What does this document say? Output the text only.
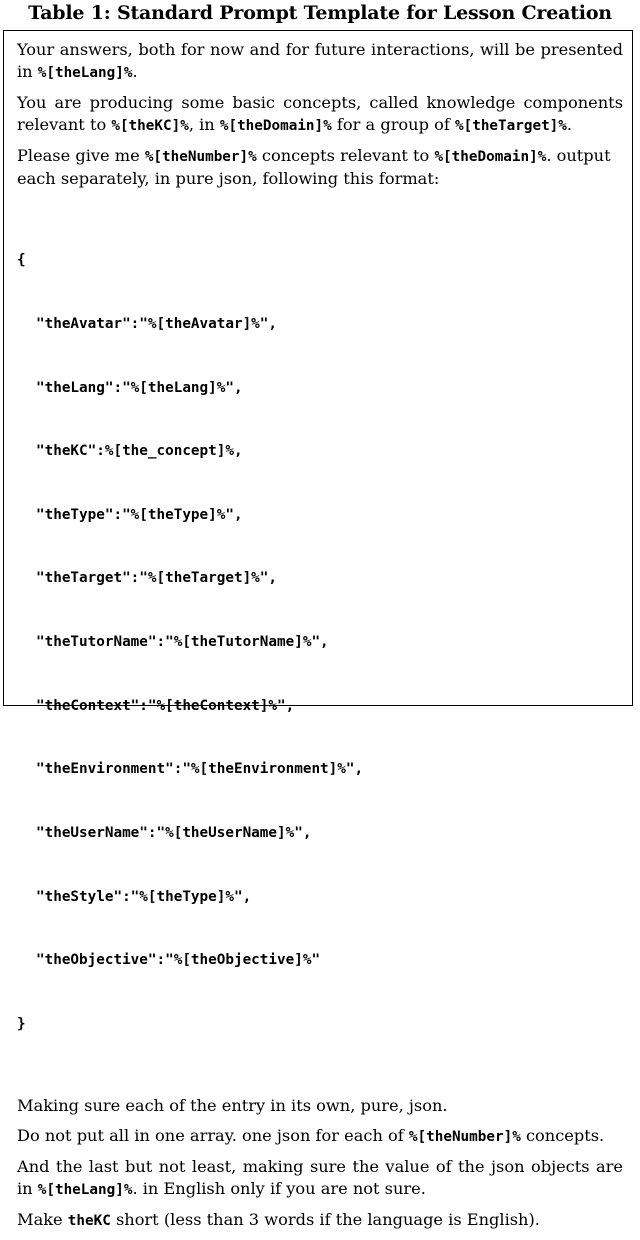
Table 1: Standard Prompt Template for Lesson Creation

Your answers, both for now and for future interactions, will be presented in %[theLang]%.

You are producing some basic concepts, called knowledge components relevant to %[theKC]%, in %[theDomain]% for a group of %[theTarget]%.

Please give me %[theNumber]% concepts relevant to %[theDomain]%. output each separately, in pure json, following this format:

{

"theAvatar":"%[theAvatar]%",

"theLang":"%[theLang]%",

"theKC":%[the_concept]%,

"theType":"%[theType]%",

"theTarget":"%[theTarget]%",

"theTutorName":"%[theTutorName]%",

"theContext":"%[theContext]%",

"theEnvironment":"%[theEnvironment]%",

"theUserName":"%[theUserName]%",

"theStyle":"%[theType]%",

"theObjective":"%[theObjective]%"

}

Making sure each of the entry in its own, pure, json.

Do not put all in one array. one json for each of %[theNumber]% concepts.

And the last but not least, making sure the value of the json objects are in %[theLang]%. in English only if you are not sure.

Make theKC short (less than 3 words if the language is English).
